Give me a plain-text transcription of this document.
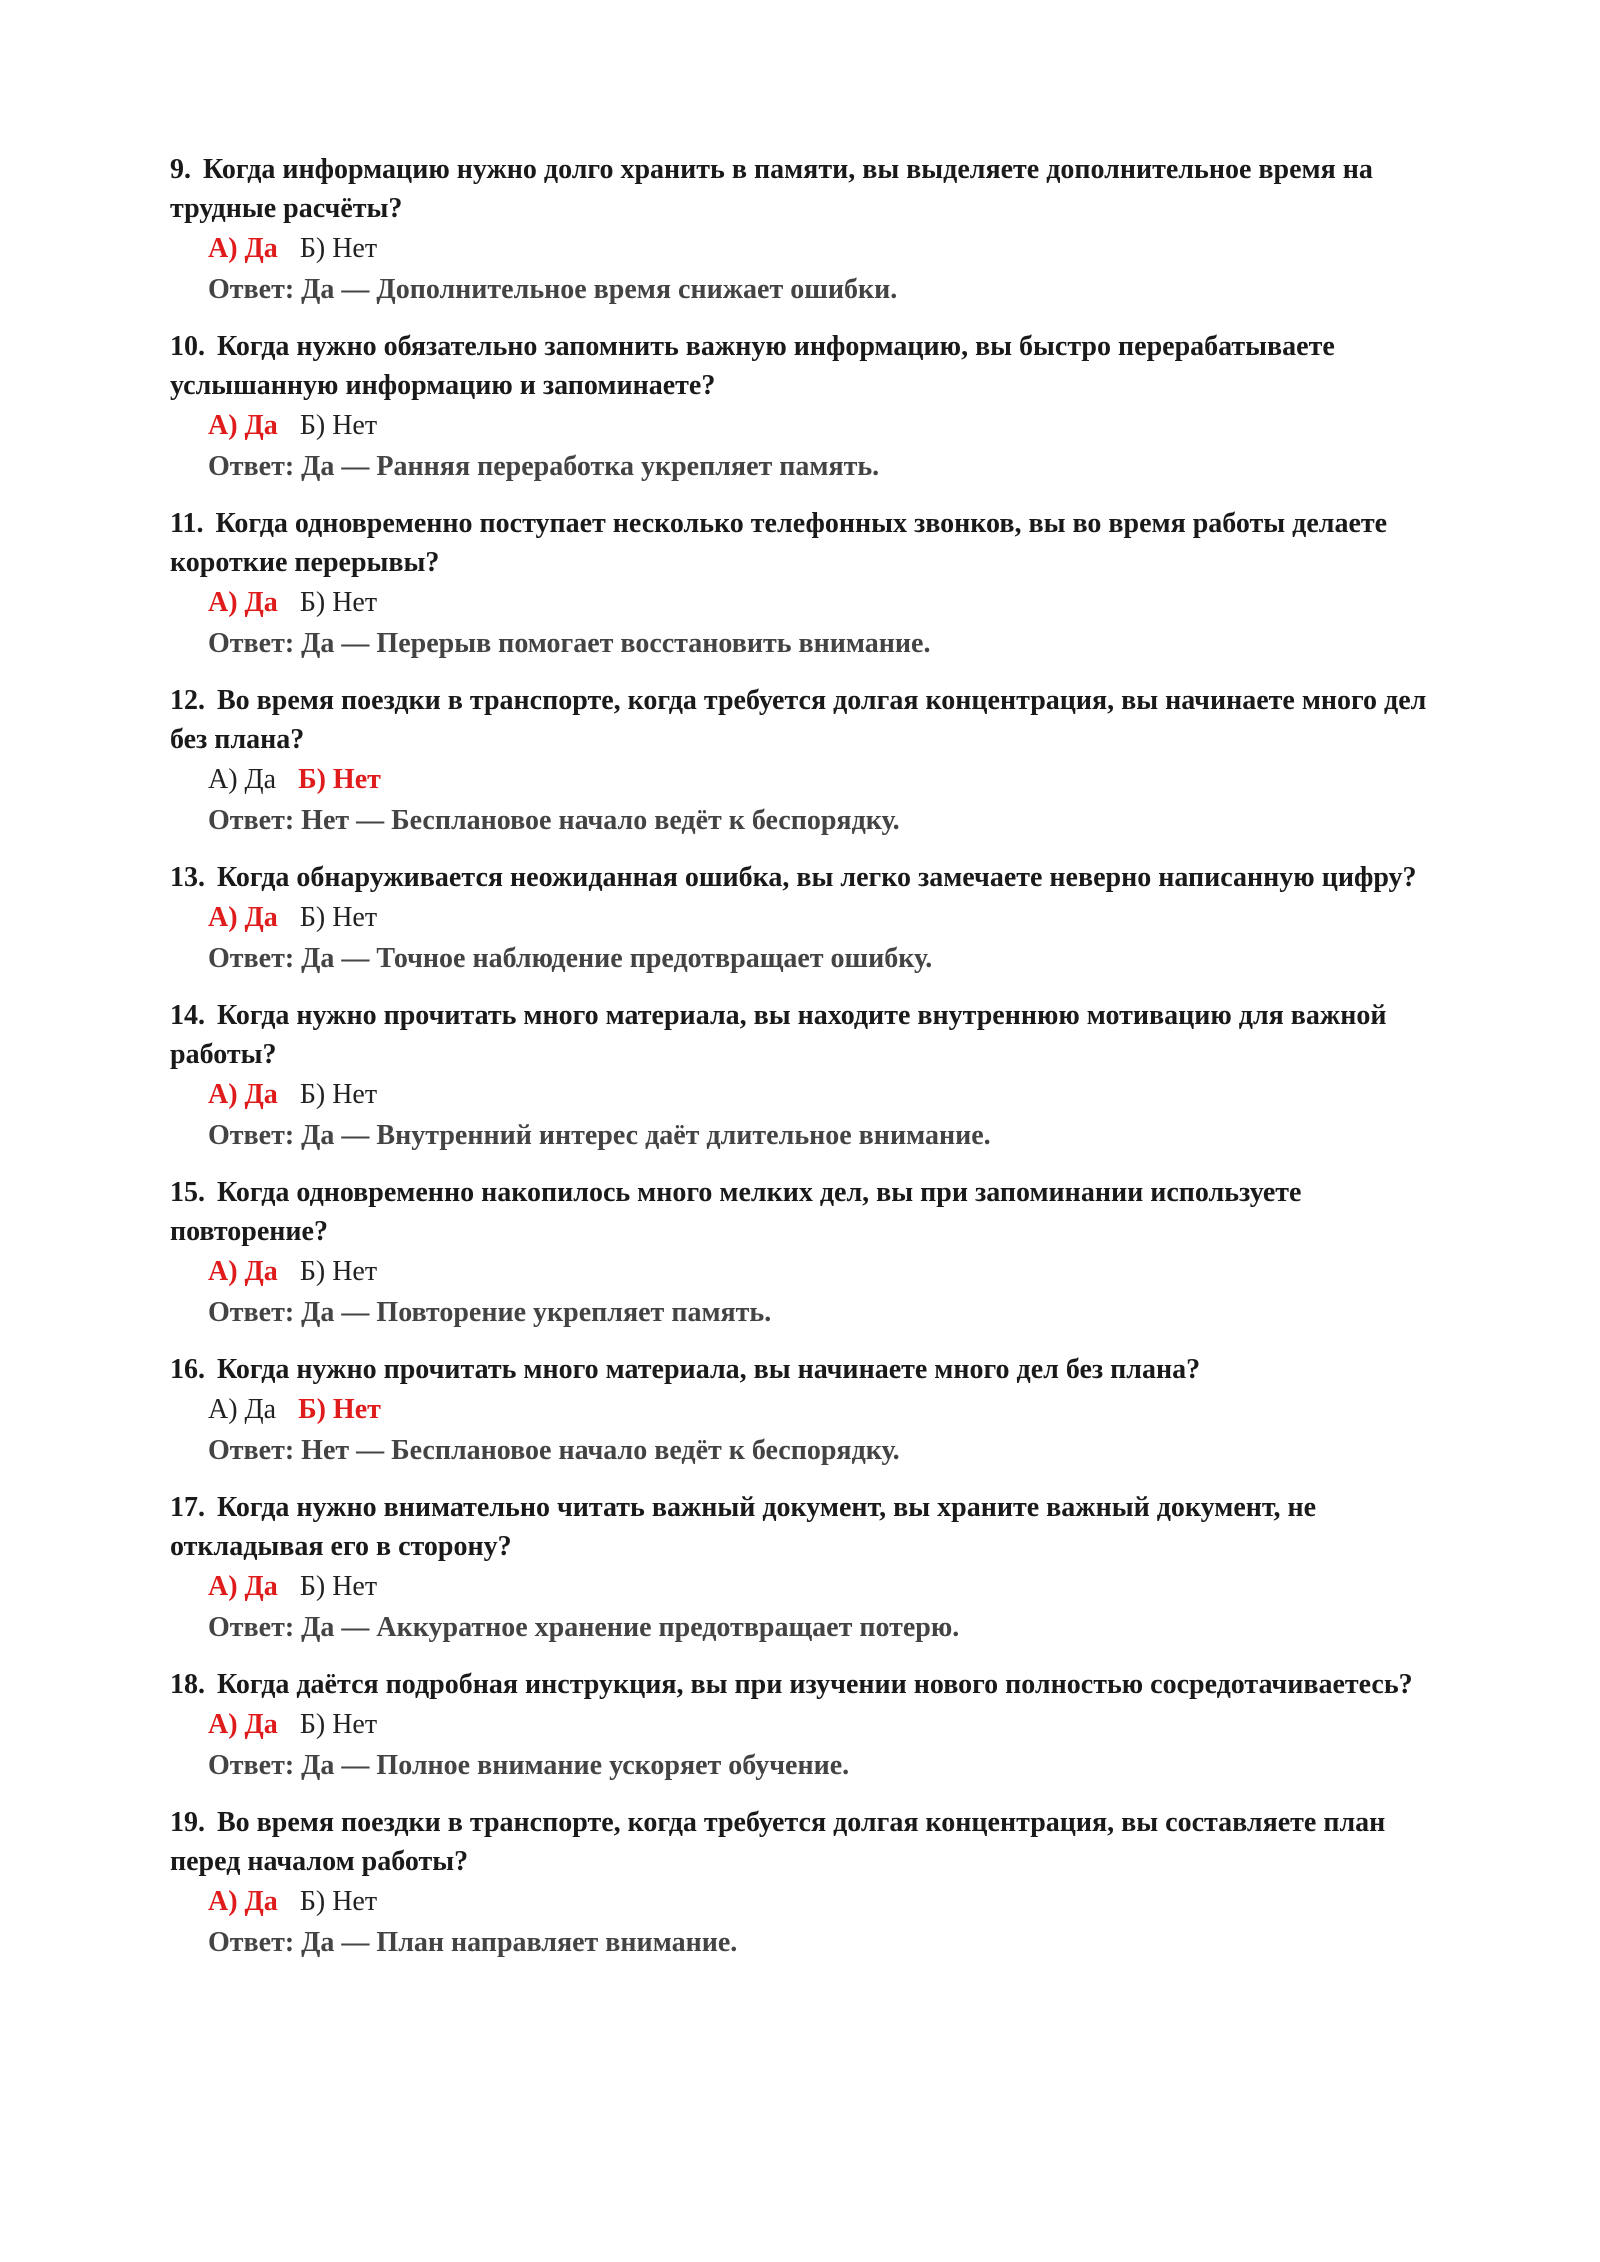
9. Когда информацию нужно долго хранить в памяти, вы выделяете дополнительное время на трудные расчёты?
А) Да Б) Нет
Ответ: Да — Дополнительное время снижает ошибки.
10. Когда нужно обязательно запомнить важную информацию, вы быстро перерабатываете услышанную информацию и запоминаете?
А) Да Б) Нет
Ответ: Да — Ранняя переработка укрепляет память.
11. Когда одновременно поступает несколько телефонных звонков, вы во время работы делаете короткие перерывы?
А) Да Б) Нет
Ответ: Да — Перерыв помогает восстановить внимание.
12. Во время поездки в транспорте, когда требуется долгая концентрация, вы начинаете много дел без плана?
А) Да Б) Нет
Ответ: Нет — Бесплановое начало ведёт к беспорядку.
13. Когда обнаруживается неожиданная ошибка, вы легко замечаете неверно написанную цифру?
А) Да Б) Нет
Ответ: Да — Точное наблюдение предотвращает ошибку.
14. Когда нужно прочитать много материала, вы находите внутреннюю мотивацию для важной работы?
А) Да Б) Нет
Ответ: Да — Внутренний интерес даёт длительное внимание.
15. Когда одновременно накопилось много мелких дел, вы при запоминании используете повторение?
А) Да Б) Нет
Ответ: Да — Повторение укрепляет память.
16. Когда нужно прочитать много материала, вы начинаете много дел без плана?
А) Да Б) Нет
Ответ: Нет — Бесплановое начало ведёт к беспорядку.
17. Когда нужно внимательно читать важный документ, вы храните важный документ, не откладывая его в сторону?
А) Да Б) Нет
Ответ: Да — Аккуратное хранение предотвращает потерю.
18. Когда даётся подробная инструкция, вы при изучении нового полностью сосредотачиваетесь?
А) Да Б) Нет
Ответ: Да — Полное внимание ускоряет обучение.
19. Во время поездки в транспорте, когда требуется долгая концентрация, вы составляете план перед началом работы?
А) Да Б) Нет
Ответ: Да — План направляет внимание.
